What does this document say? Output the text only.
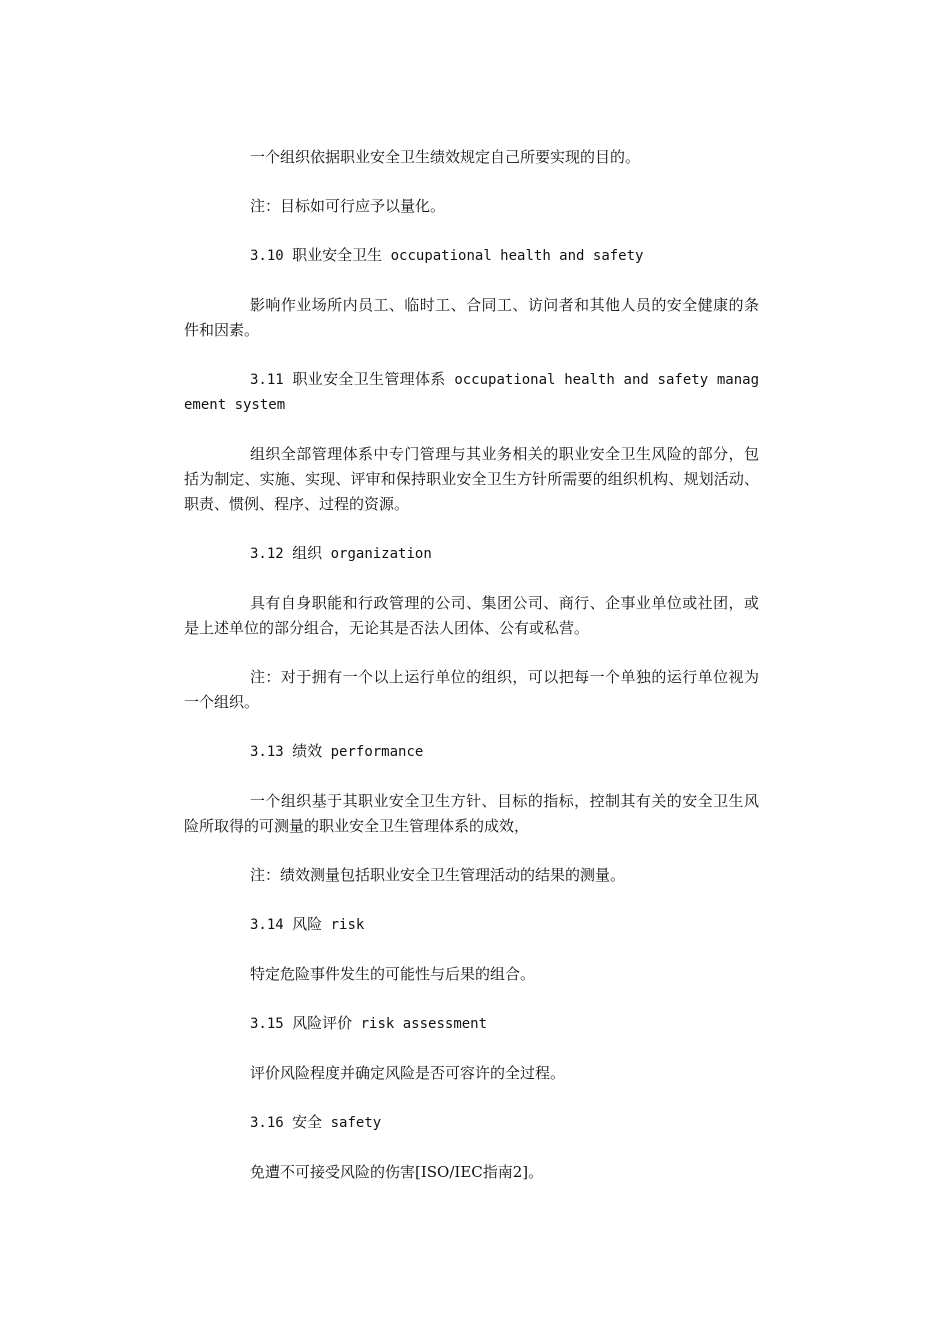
一个组织依据职业安全卫生绩效规定自己所要实现的目的。

注：目标如可行应予以量化。

3.10 职业安全卫生 occupational health and safety

影响作业场所内员工、临时工、合同工、访问者和其他人员的安全健康的条件和因素。

3.11 职业安全卫生管理体系 occupational health and safety management system

组织全部管理体系中专门管理与其业务相关的职业安全卫生风险的部分，包括为制定、实施、实现、评审和保持职业安全卫生方针所需要的组织机构、规划活动、职责、惯例、程序、过程的资源。

3.12 组织 organization

具有自身职能和行政管理的公司、集团公司、商行、企事业单位或社团，或是上述单位的部分组合，无论其是否法人团体、公有或私营。

注：对于拥有一个以上运行单位的组织，可以把每一个单独的运行单位视为一个组织。

3.13 绩效 performance

一个组织基于其职业安全卫生方针、目标的指标，控制其有关的安全卫生风险所取得的可测量的职业安全卫生管理体系的成效，

注：绩效测量包括职业安全卫生管理活动的结果的测量。

3.14 风险 risk

特定危险事件发生的可能性与后果的组合。

3.15 风险评价 risk assessment

评价风险程度并确定风险是否可容许的全过程。

3.16 安全 safety

免遭不可接受风险的伤害[ISO/IEC指南2]。
